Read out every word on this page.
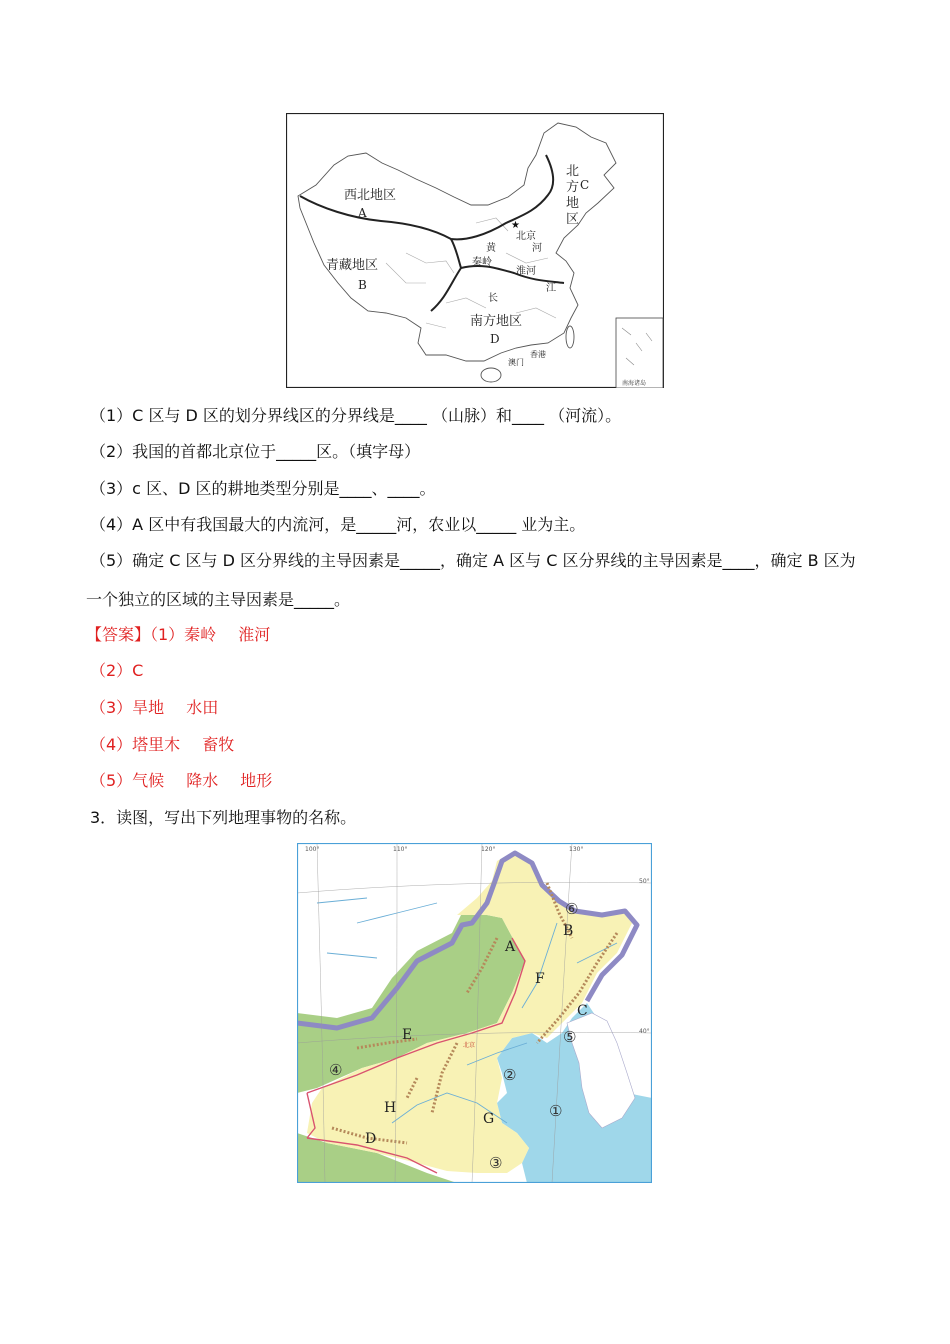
南海诸岛
西北地区
A
青藏地区
B
北
方
地
区
C
南方地区
D
北京
秦岭
淮河
黄	河
长
江
香港
澳门
★
（1）C 区与 D 区的划分界线区的分界线是____ （山脉）和____ （河流）。
（2）我国的首都北京位于_____区。（填字母）
（3）c 区、D 区的耕地类型分别是____、____。
（4）A 区中有我国最大的内流河，是_____河，农业以_____ 业为主。
（5）确定 C 区与 D 区分界线的主导因素是_____，确定 A 区与 C 区分界线的主导因素是____，确定 B 区为
一个独立的区域的主导因素是_____。
【答案】（1）秦岭 淮河
（2）C
（3）旱地 水田
（4）塔里木 畜牧
（5）气候 降水 地形
3．读图，写出下列地理事物的名称。
100°	110°	120°	130°
50°
40°
A
B
C
D
E
F
G
H	①
②
③
④
⑤
⑥
北京
